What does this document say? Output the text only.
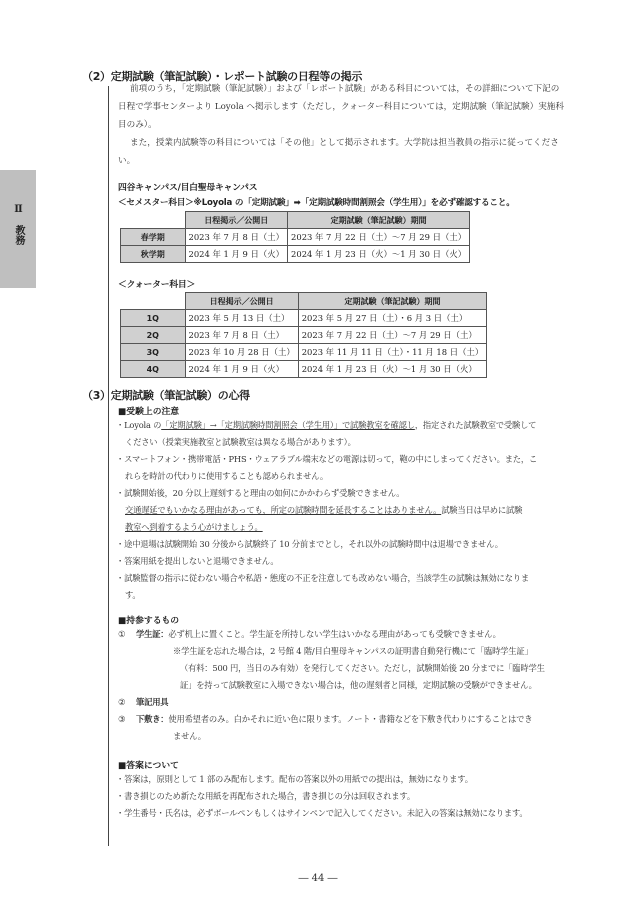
Ⅱ　教務
（2）定期試験（筆記試験）・レポート試験の日程等の掲示
前項のうち，「定期試験（筆記試験）」および「レポート試験」がある科目については，その詳細について下記の
日程で学事センターより Loyola へ掲示します（ただし，クォーター科目については，定期試験（筆記試験）実施科
目のみ）。
また，授業内試験等の科目については「その他」として掲示されます。大学院は担当教員の指示に従ってくださ
い。
四谷キャンパス/目白聖母キャンパス
＜セメスター科目＞※Loyola の「定期試験」➡「定期試験時間割照会（学生用）」を必ず確認すること。
	日程掲示／公開日	定期試験（筆記試験）期間
春学期	2023 年 7 月 8 日（土）	2023 年 7 月 22 日（土）～7 月 29 日（土）
秋学期	2024 年 1 月 9 日（火）	2024 年 1 月 23 日（火）～1 月 30 日（火）
＜クォーター科目＞
	日程掲示／公開日	定期試験（筆記試験）期間
1Q	2023 年 5 月 13 日（土）	2023 年 5 月 27 日（土）・6 月 3 日（土）
2Q	2023 年 7 月 8 日（土）	2023 年 7 月 22 日（土）～7 月 29 日（土）
3Q	2023 年 10 月 28 日（土）	2023 年 11 月 11 日（土）・11 月 18 日（土）
4Q	2024 年 1 月 9 日（火）	2024 年 1 月 23 日（火）～1 月 30 日（火）
（3）定期試験（筆記試験）の心得
■受験上の注意
・Loyola の「定期試験」→「定期試験時間割照会（学生用）」で試験教室を確認し，指定された試験教室で受験して
ください（授業実施教室と試験教室は異なる場合があります）。
・スマートフォン・携帯電話・PHS・ウェアラブル端末などの電源は切って，鞄の中にしまってください。また，こ
れらを時計の代わりに使用することも認められません。
・試験開始後，20 分以上遅刻すると理由の如何にかかわらず受験できません。
交通遅延でもいかなる理由があっても，所定の試験時間を延長することはありません。試験当日は早めに試験
教室へ到着するよう心がけましょう。
・途中退場は試験開始 30 分後から試験終了 10 分前までとし，それ以外の試験時間中は退場できません。
・答案用紙を提出しないと退場できません。
・試験監督の指示に従わない場合や私語・態度の不正を注意しても改めない場合，当該学生の試験は無効になりま
す。
■持参するもの
① 学生証：必ず机上に置くこと。学生証を所持しない学生はいかなる理由があっても受験できません。
※学生証を忘れた場合は，2 号館 4 階/目白聖母キャンパスの証明書自動発行機にて「臨時学生証」
（有料：500 円，当日のみ有効）を発行してください。ただし，試験開始後 20 分までに「臨時学生
証」を持って試験教室に入場できない場合は，他の遅刻者と同様，定期試験の受験ができません。
② 筆記用具
③ 下敷き：使用希望者のみ。白かそれに近い色に限ります。ノート・書籍などを下敷き代わりにすることはでき
ません。
■答案について
・答案は，原則として 1 部のみ配布します。配布の答案以外の用紙での提出は，無効になります。
・書き損じのため新たな用紙を再配布された場合，書き損じの分は回収されます。
・学生番号・氏名は，必ずボールペンもしくはサインペンで記入してください。未記入の答案は無効になります。
― 44 ―
